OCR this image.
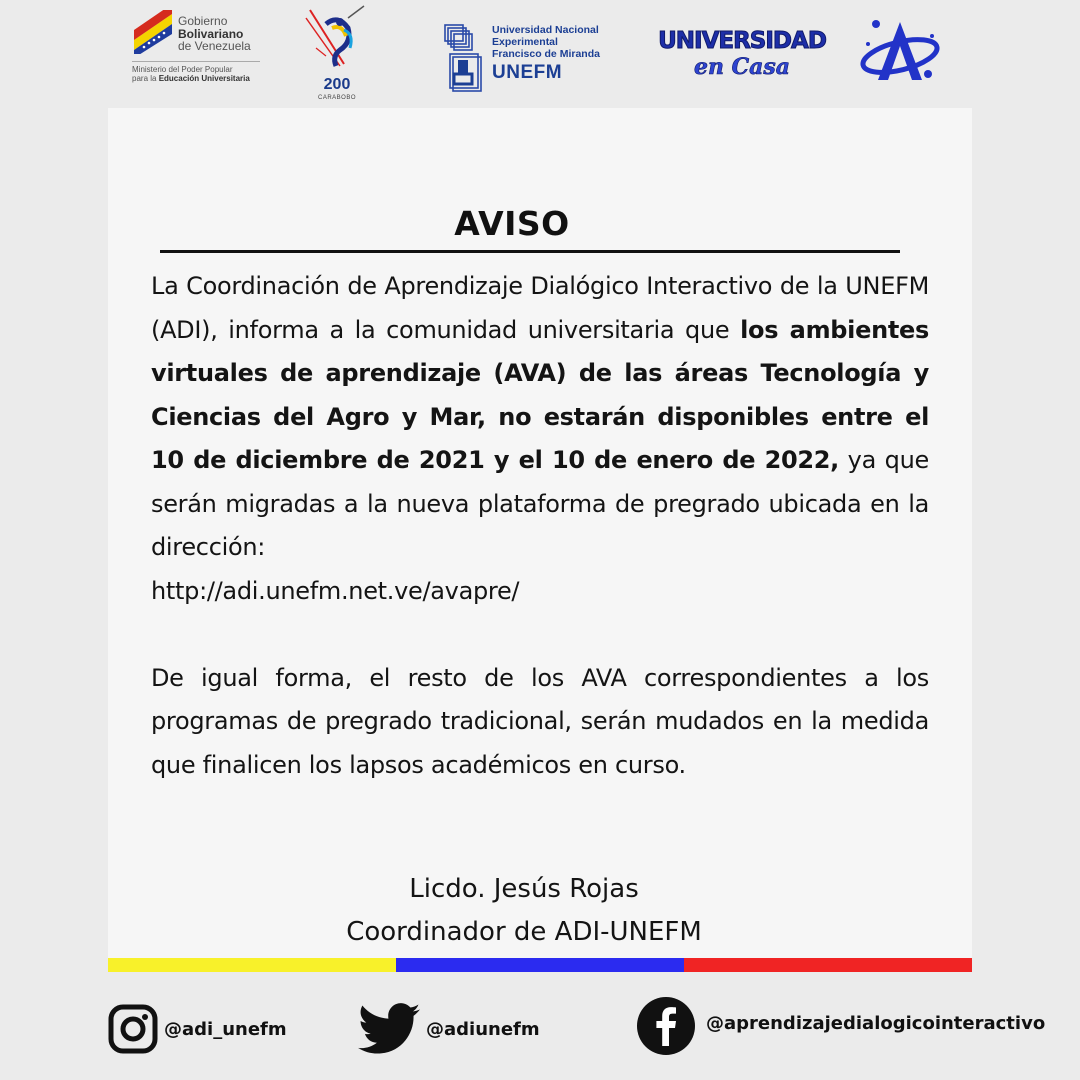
Gobierno
Bolivariano
de Venezuela
Ministerio del Poder Popular
para la Educación Universitaria	200
CARABOBO
Universidad Nacional
Experimental
Francisco de Miranda
UNEFM
UNIVERSIDAD
en Casa
AVISO

La Coordinación de Aprendizaje Dialógico Interactivo de la UNEFM (ADI), informa a la comunidad universitaria que los ambientes virtuales de aprendizaje (AVA) de las áreas Tecnología y Ciencias del Agro y Mar, no estarán disponibles entre el 10 de diciembre de 2021 y el 10 de enero de 2022, ya que serán migradas a la nueva plataforma de pregrado ubicada en la dirección:
http://adi.unefm.net.ve/avapre/

De igual forma, el resto de los AVA correspondientes a los programas de pregrado tradicional, serán mudados en la medida que finalicen los lapsos académicos en curso.

Licdo. Jesús Rojas
Coordinador de ADI-UNEFM
@adi_unefm	@adiunefm	@aprendizajedialogicointeractivo
